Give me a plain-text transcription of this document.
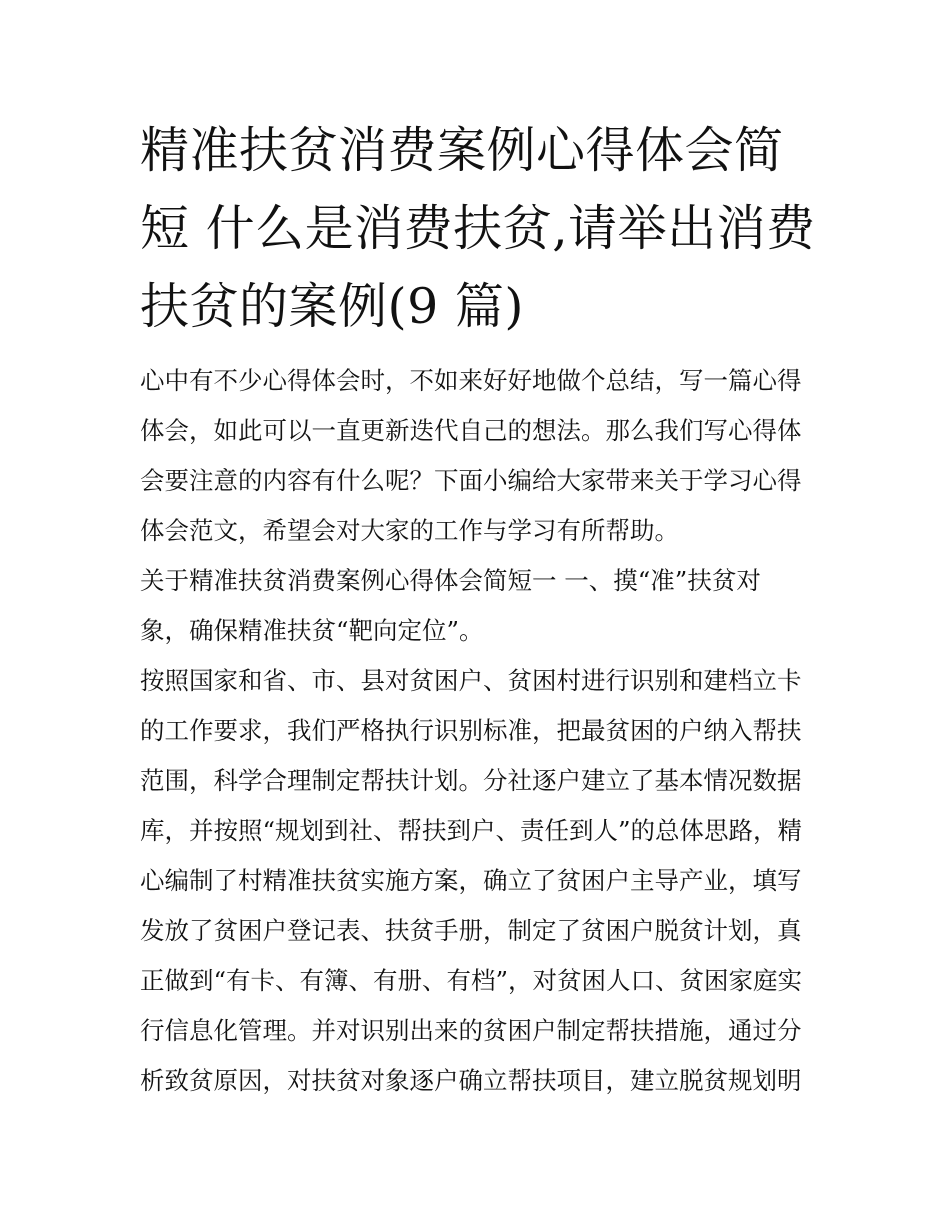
精准扶贫消费案例心得体会简
短 什么是消费扶贫,请举出消费
扶贫的案例(9 篇)
心中有不少心得体会时，不如来好好地做个总结，写一篇心得
体会，如此可以一直更新迭代自己的想法。那么我们写心得体
会要注意的内容有什么呢？下面小编给大家带来关于学习心得
体会范文，希望会对大家的工作与学习有所帮助。
关于精准扶贫消费案例心得体会简短一 一、摸“准”扶贫对
象，确保精准扶贫“靶向定位”。
按照国家和省、市、县对贫困户、贫困村进行识别和建档立卡
的工作要求，我们严格执行识别标准，把最贫困的户纳入帮扶
范围，科学合理制定帮扶计划。分社逐户建立了基本情况数据
库，并按照“规划到社、帮扶到户、责任到人”的总体思路，精
心编制了村精准扶贫实施方案，确立了贫困户主导产业，填写
发放了贫困户登记表、扶贫手册，制定了贫困户脱贫计划，真
正做到“有卡、有簿、有册、有档”，对贫困人口、贫困家庭实
行信息化管理。并对识别出来的贫困户制定帮扶措施，通过分
析致贫原因，对扶贫对象逐户确立帮扶项目，建立脱贫规划明
